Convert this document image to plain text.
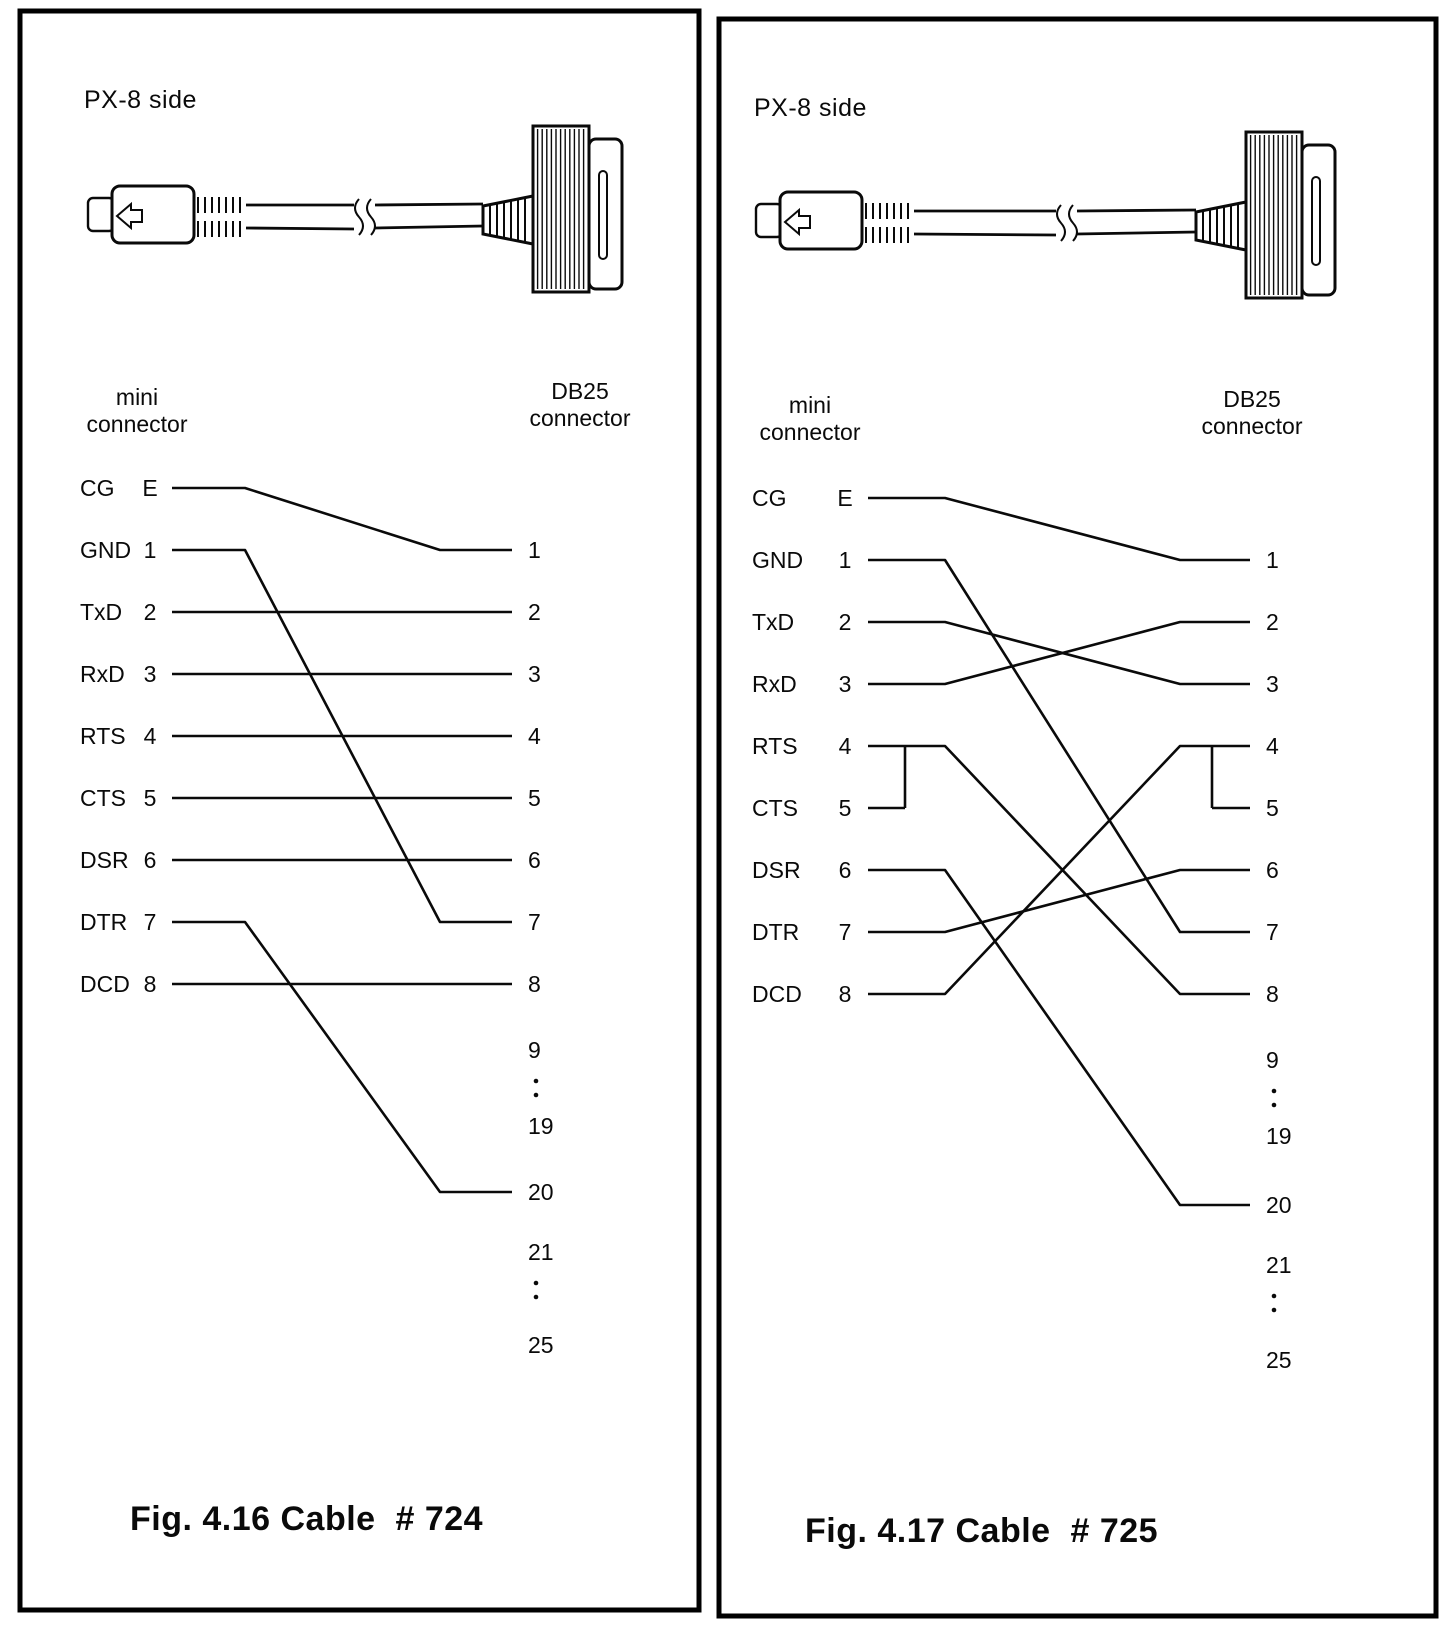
CG E
GND 1
TxD 2
RxD 3
RTS 4
CTS 5
DSR 6
DTR 7
DCD 8
1
2
3
4
5
6
7
8
9
19
20
21
25
CG E
GND 1
TxD 2
RxD 3
RTS 4
CTS 5
DSR 6
DTR 7
DCD 8
1
2
3
4
5
6
7
8
9
19
20
21
25
PX-8 side
mini
connector
DB25
connector
Fig. 4.16 Cable  # 724
PX-8 side
mini
connector
DB25
connector
Fig. 4.17 Cable  # 725
